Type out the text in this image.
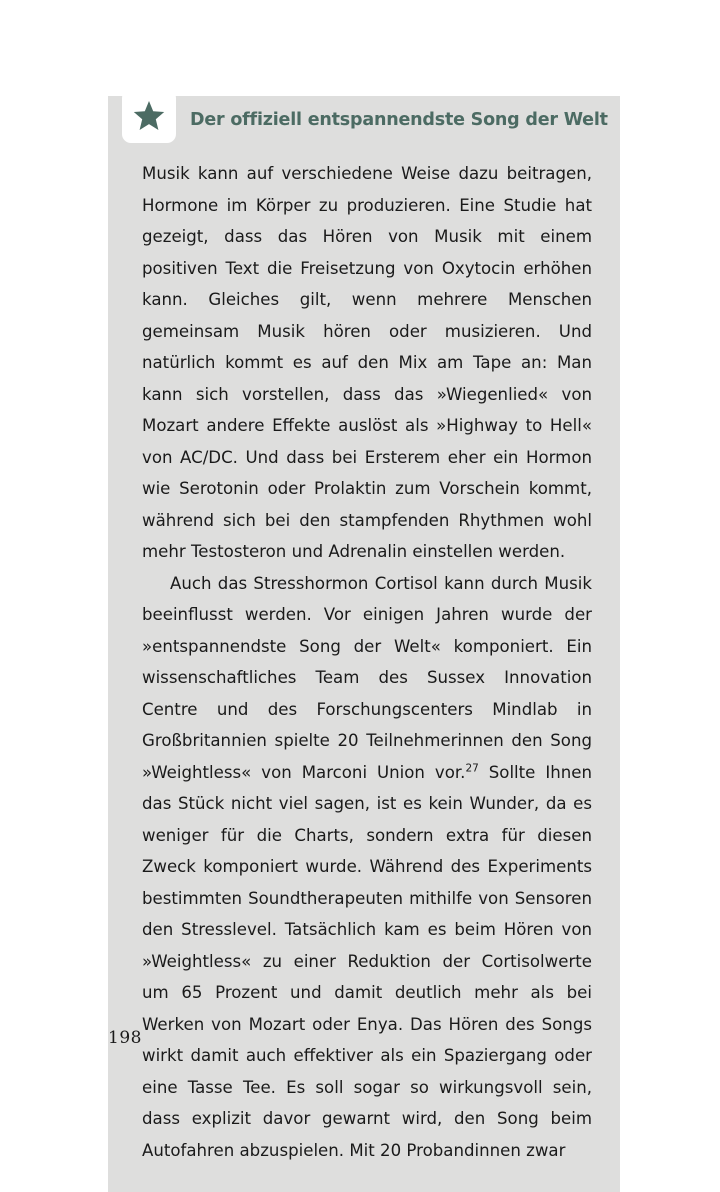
Der offiziell entspannendste Song der Welt

Musik kann auf verschiedene Weise dazu beitragen, Hormone im Körper zu produzieren. Eine Studie hat gezeigt, dass das Hören von Musik mit einem positiven Text die Freisetzung von Oxytocin erhöhen kann. Gleiches gilt, wenn mehrere Menschen gemeinsam Musik hören oder musizieren. Und natürlich kommt es auf den Mix am Tape an: Man kann sich vorstellen, dass das »Wiegenlied« von Mozart andere Effekte auslöst als »Highway to Hell« von AC/DC. Und dass bei Ersterem eher ein Hormon wie Serotonin oder Prolaktin zum Vorschein kommt, während sich bei den stampfenden Rhythmen wohl mehr Testosteron und Adrenalin einstellen werden.

Auch das Stresshormon Cortisol kann durch Musik beeinflusst werden. Vor einigen Jahren wurde der »entspannendste Song der Welt« komponiert. Ein wissenschaftliches Team des Sussex Innovation Centre und des Forschungscenters Mindlab in Großbritannien spielte 20 Teilnehmerinnen den Song »Weightless« von Marconi Union vor.$^{27}$ Sollte Ihnen das Stück nicht viel sagen, ist es kein Wunder, da es weniger für die Charts, sondern extra für diesen Zweck komponiert wurde. Während des Experiments bestimmten Soundtherapeuten mithilfe von Sensoren den Stresslevel. Tatsächlich kam es beim Hören von »Weightless« zu einer Reduktion der Cortisolwerte um 65 Prozent und damit deutlich mehr als bei Werken von Mozart oder Enya. Das Hören des Songs wirkt damit auch effektiver als ein Spaziergang oder eine Tasse Tee. Es soll sogar so wirkungsvoll sein, dass explizit davor gewarnt wird, den Song beim Autofahren abzuspielen. Mit 20 Probandinnen zwar

198
